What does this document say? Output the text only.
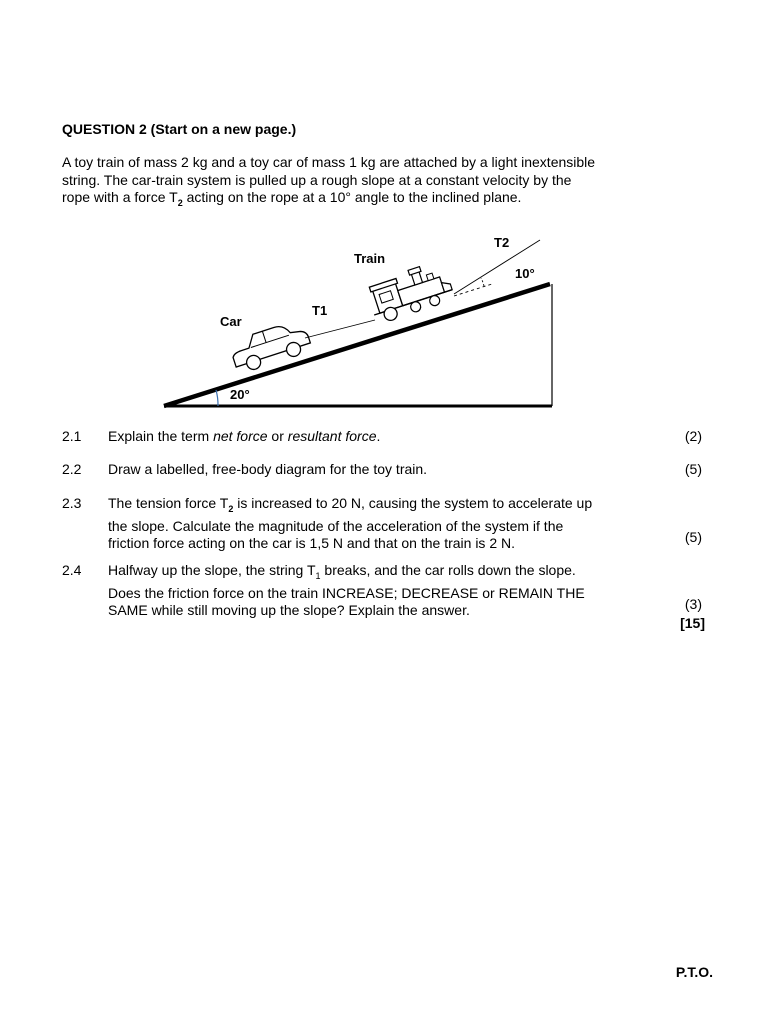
QUESTION 2 (Start on a new page.)
A toy train of mass 2 kg and a toy car of mass 1 kg are attached by a light inextensible
string. The car-train system is pulled up a rough slope at a constant velocity by the
rope with a force $T_2$ acting on the rope at a 10° angle to the inclined plane.
T2
Train
10°
T1
Car
20°
2.1 Explain the term net force or resultant force.	(2)
2.2 Draw a labelled, free-body diagram for the toy train.	(5)
2.3 The tension force $T_2$ is increased to 20 N, causing the system to accelerate up
the slope. Calculate the magnitude of the acceleration of the system if the
friction force acting on the car is 1,5 N and that on the train is 2 N.	(5)
2.4 Halfway up the slope, the string $T_1$ breaks, and the car rolls down the slope.
Does the friction force on the train INCREASE; DECREASE or REMAIN THE
SAME while still moving up the slope? Explain the answer.	(3)
[15]
P.T.O.
